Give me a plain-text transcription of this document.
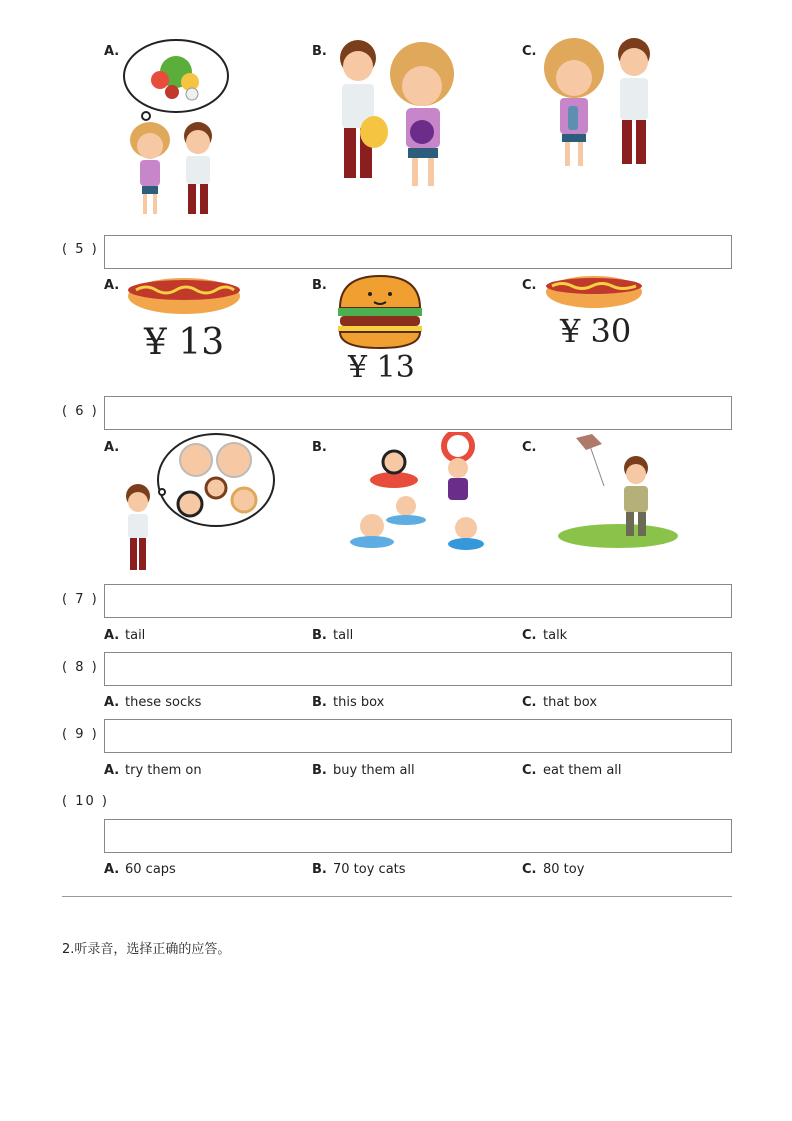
A.	B.	C.
( 5 )
A.
¥ 13
B.
¥ 13
C.
¥ 30
( 6 )
A.	B.	C.
( 7 )
A. tail	B. tall	C. talk
( 8 )
A. these socks	B. this box	C. that box
( 9 )
A. try them on	B. buy them all	C. eat them all
( 10 )
A. 60 caps	B. 70 toy cats	C. 80 toy
2.听录音，选择正确的应答。
